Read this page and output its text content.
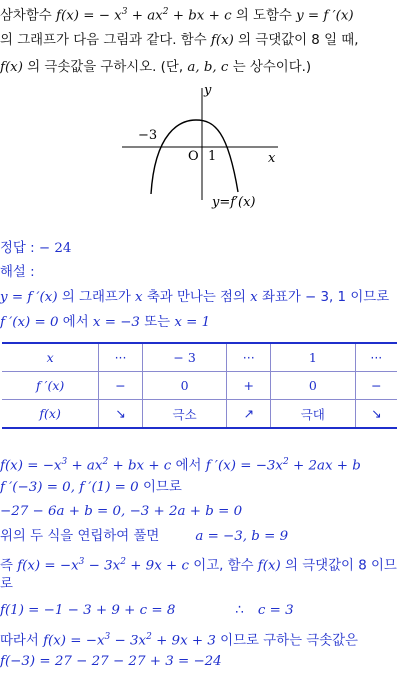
삼차함수 f(x) = − $x^3 + ax^2$ + bx + c 의 도함수 y = f ′(x)
의 그래프가 다음 그림과 같다. 함수 f(x) 의 극댓값이 8 일 때,
f(x) 의 극솟값을 구하시오. (단, a, b, c 는 상수이다.)
y
x
−3
O 1
y=f′(x)
정답 : − 24
해설 :
y = f ′(x) 의 그래프가 x 축과 만나는 점의 x 좌표가 − 3, 1 이므로
f ′(x) = 0 에서 x = −3 또는 x = 1
x	···	− 3	···	1	···
f ′(x)	−	0	+	0	−
f(x)	↘	극소	↗	극대	↘
$f(x) = -x^3 + ax^2$ + bx + c 에서 f $'(x) = -3x^2 + 2ax + b$
f ′(−3) = 0, f ′(1) = 0 이므로
−27 − 6a + b = 0, −3 + 2a + b = 0
위의 두 식을 연립하여 풀면	a = −3, b = 9
즉 $f(x) = -x^3 - 3x^2 + 9x + c$ 이고, 함수 f(x) 의 극댓값이 8 이므
로
f(1) = −1 − 3 + 9 + c = 8	∴ c = 3
따라서 $f(x) = -x^3 - 3x^2 + 9x + 3$ 이므로 구하는 극솟값은
f(−3) = 27 − 27 − 27 + 3 = −24
